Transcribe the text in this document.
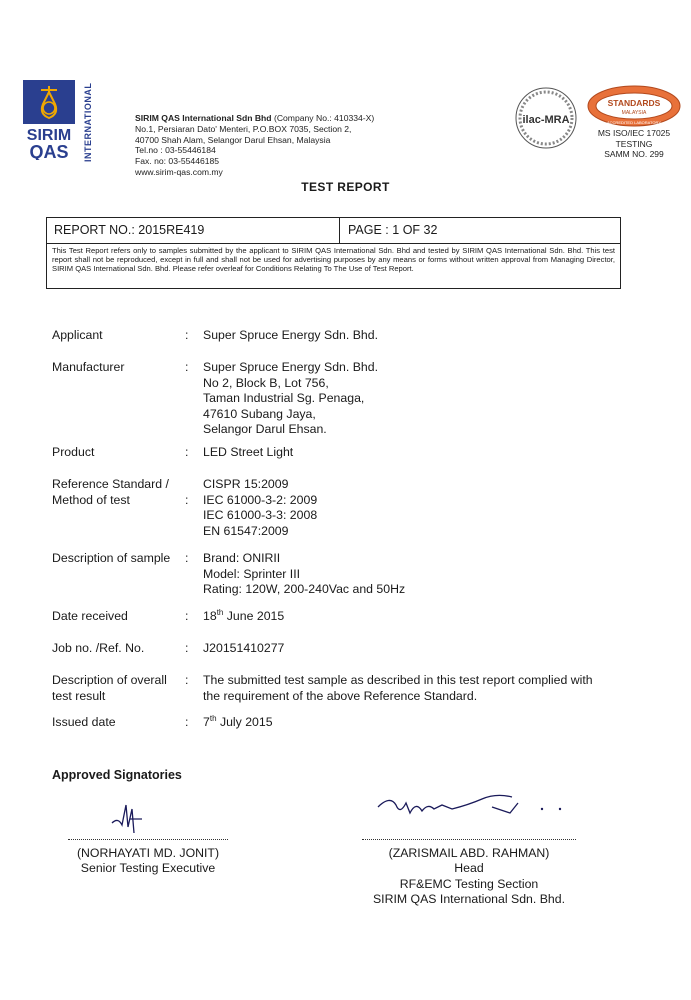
SIRIM
QAS INTERNATIONAL	SIRIM QAS International Sdn Bhd (Company No.: 410334-X)
No.1, Persiaran Dato' Menteri, P.O.BOX 7035, Section 2,
40700 Shah Alam, Selangor Darul Ehsan, Malaysia
Tel.no : 03-55446184
Fax. no: 03-55446185
www.sirim-qas.com.my
ilac-MRA
STANDARDS
MALAYSIA
ACCREDITED LABORATORY
MS ISO/IEC 17025
TESTING
SAMM NO. 299
TEST REPORT
REPORT NO.: 2015RE419	PAGE : 1 OF 32
This Test Report refers only to samples submitted by the applicant to SIRIM QAS International Sdn. Bhd and tested by SIRIM QAS International Sdn. Bhd. This test report shall not be reproduced, except in full and shall not be used for advertising purposes by any means or forms without written approval from Managing Director, SIRIM QAS International Sdn. Bhd. Please refer overleaf for Conditions Relating To The Use of Test Report.
Applicant	: Super Spruce Energy Sdn. Bhd.
Manufacturer	: Super Spruce Energy Sdn. Bhd.
No 2, Block B, Lot 756,
Taman Industrial Sg. Penaga,
47610 Subang Jaya,
Selangor Darul Ehsan.
Product	: LED Street Light
Reference Standard /
Method of test	:
CISPR 15:2009
IEC 61000-3-2: 2009
IEC 61000-3-3: 2008
EN 61547:2009
Description of sample	: Brand: ONIRII
Model: Sprinter III
Rating: 120W, 200-240Vac and 50Hz
Date received	: 18th June 2015
Job no. /Ref. No.	: J20151410277
Description of overall
test result
: The submitted test sample as described in this test report complied with
the requirement of the above Reference Standard.
Issued date	: 7th July 2015
Approved Signatories
(NORHAYATI MD. JONIT)
Senior Testing Executive
(ZARISMAIL ABD. RAHMAN)
Head
RF&EMC Testing Section
SIRIM QAS International Sdn. Bhd.
